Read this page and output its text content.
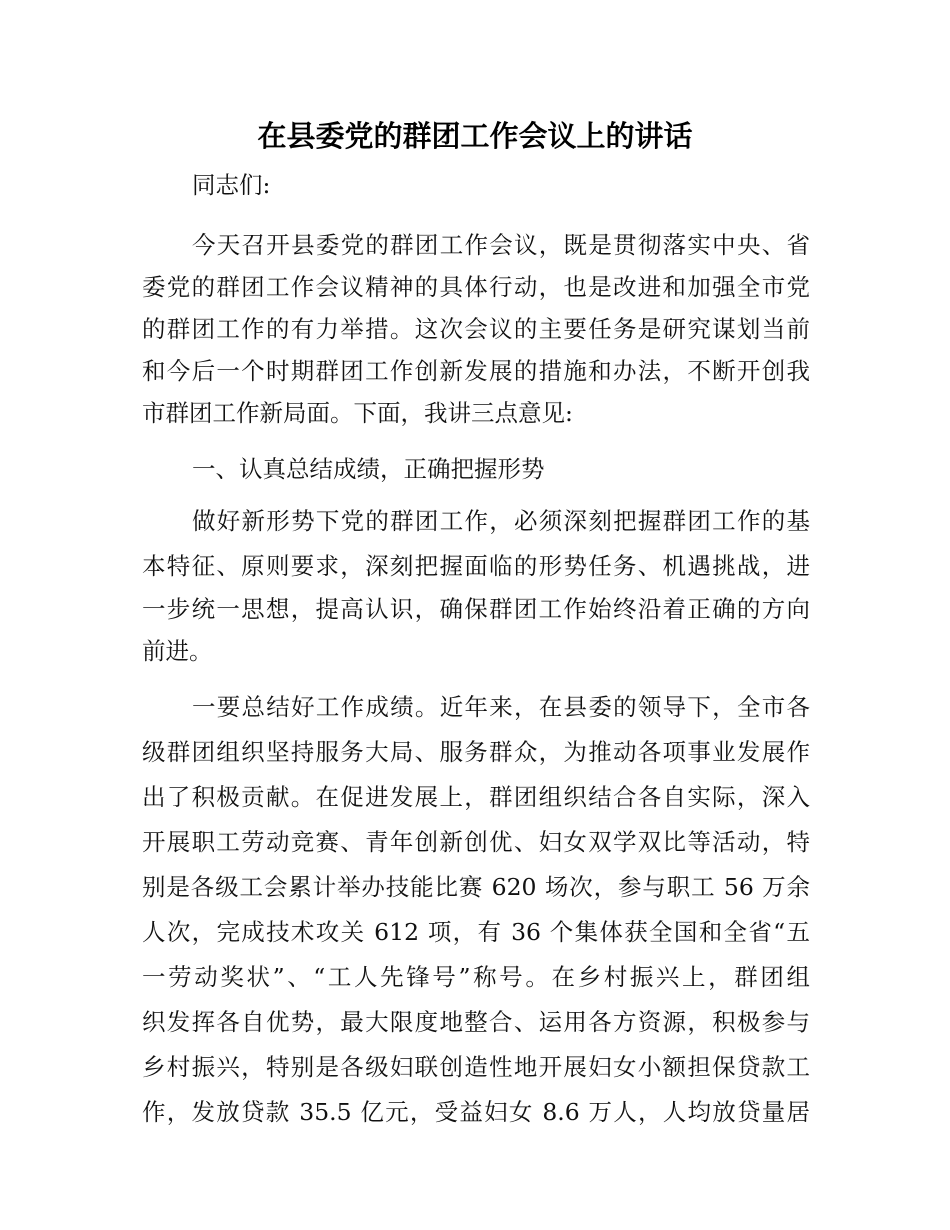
在县委党的群团工作会议上的讲话

同志们:

今天召开县委党的群团工作会议，既是贯彻落实中央、省

委党的群团工作会议精神的具体行动，也是改进和加强全市党

的群团工作的有力举措。这次会议的主要任务是研究谋划当前

和今后一个时期群团工作创新发展的措施和办法，不断开创我

市群团工作新局面。下面，我讲三点意见:

一、认真总结成绩，正确把握形势

做好新形势下党的群团工作，必须深刻把握群团工作的基

本特征、原则要求，深刻把握面临的形势任务、机遇挑战，进

一步统一思想，提高认识，确保群团工作始终沿着正确的方向

前进。

一要总结好工作成绩。近年来，在县委的领导下，全市各

级群团组织坚持服务大局、服务群众，为推动各项事业发展作

出了积极贡献。在促进发展上，群团组织结合各自实际，深入

开展职工劳动竞赛、青年创新创优、妇女双学双比等活动，特

别是各级工会累计举办技能比赛 620 场次，参与职工 56 万余

人次，完成技术攻关 612 项，有 36 个集体获全国和全省“五

一劳动奖状”、“工人先锋号”称号。在乡村振兴上，群团组

织发挥各自优势，最大限度地整合、运用各方资源，积极参与

乡村振兴，特别是各级妇联创造性地开展妇女小额担保贷款工

作，发放贷款 35.5 亿元，受益妇女 8.6 万人，人均放贷量居
